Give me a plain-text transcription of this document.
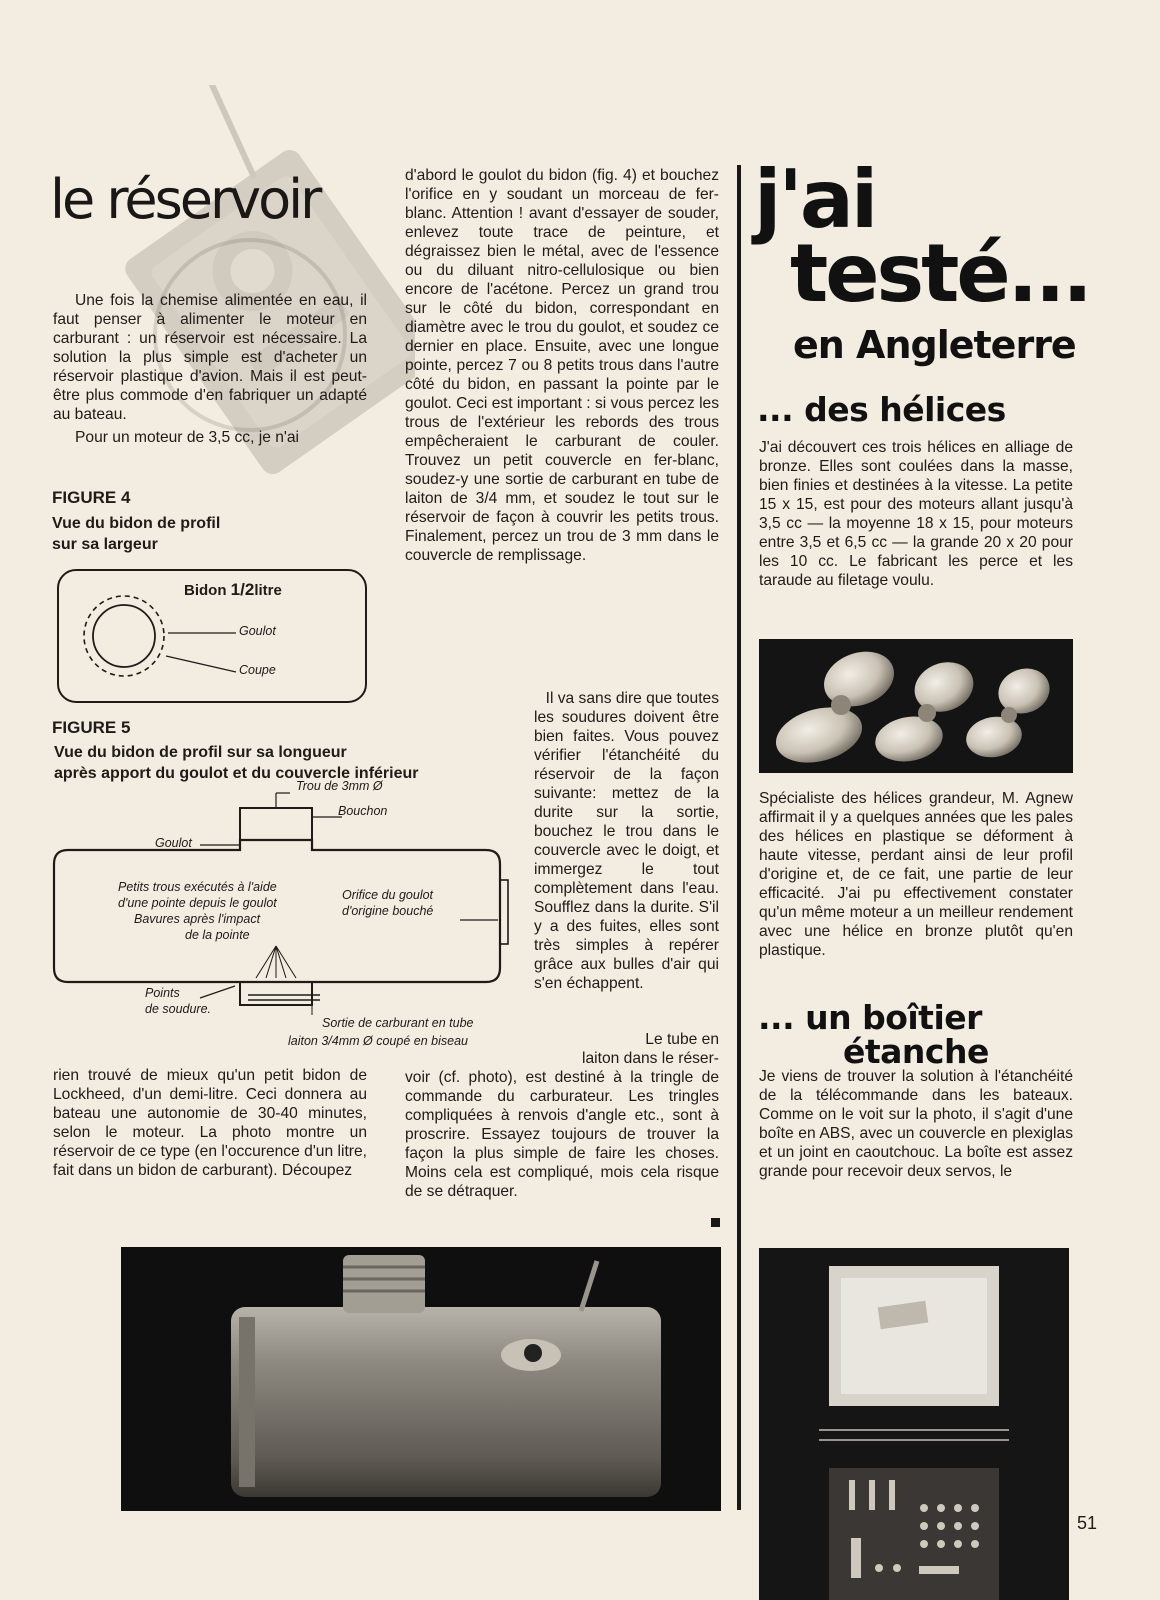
le réservoir

Une fois la chemise alimentée en eau, il faut penser à alimenter le moteur en carburant : un réservoir est nécessaire. La solution la plus simple est d'acheter un réservoir plastique d'avion. Mais il est peut-être plus commode d'en fabriquer un adapté au bateau.

Pour un moteur de 3,5 cc, je n'ai

FIGURE 4
Vue du bidon de profil
sur sa largeur
Bidon 1/2litre
Goulot
Coupe
FIGURE 5
Vue du bidon de profil sur sa longueur
après apport du goulot et du couvercle inférieur
Trou de 3mm Ø
Bouchon
Goulot
Petits trous exécutés à l'aide
d'une pointe depuis le goulot
Bavures après l'impact
de la pointe
Orifice du goulot
d'origine bouché
Points
de soudure.
Sortie de carburant en tube
laiton 3/4mm Ø coupé en biseau
rien trouvé de mieux qu'un petit bidon de Lockheed, d'un demi-litre. Ceci donnera au bateau une autonomie de 30-40 minutes, selon le moteur. La photo montre un réservoir de ce type (en l'occurence d'un litre, fait dans un bidon de carburant). Découpez
d'abord le goulot du bidon (fig. 4) et bouchez l'orifice en y soudant un morceau de fer-blanc. Attention ! avant d'essayer de souder, enlevez toute trace de peinture, et dégraissez bien le métal, avec de l'essence ou du diluant nitro-cellulosique ou bien encore de l'acétone. Percez un grand trou sur le côté du bidon, correspondant en diamètre avec le trou du goulot, et soudez ce dernier en place. Ensuite, avec une longue pointe, percez 7 ou 8 petits trous dans l'autre côté du bidon, en passant la pointe par le goulot. Ceci est important : si vous percez les trous de l'extérieur les rebords des trous empêcheraient le carburant de couler. Trouvez un petit couvercle en fer-blanc, soudez-y une sortie de carburant en tube de laiton de 3/4 mm, et soudez le tout sur le réservoir de façon à couvrir les petits trous. Finalement, percez un trou de 3 mm dans le couvercle de remplissage.
Il va sans dire que toutes
les soudures doivent être bien faites. Vous pouvez vérifier l'étanchéité du réservoir de la façon suivante: mettez de la durite sur la sortie, bouchez le trou dans le couvercle avec le doigt, et immergez le tout complètement dans l'eau. Soufflez dans la durite. S'il y a des fuites, elles sont très simples à repérer grâce aux bulles d'air qui s'en échappent.
Le tube en
laiton dans le réser-
voir (cf. photo), est destiné à la tringle de commande du carburateur. Les tringles compliquées à renvois d'angle etc., sont à proscrire. Essayez toujours de trouver la façon la plus simple de faire les choses. Moins cela est compliqué, mois cela risque de se détraquer.
j'ai
testé...
en Angleterre
... des hélices
J'ai découvert ces trois hélices en alliage de bronze. Elles sont coulées dans la masse, bien finies et destinées à la vitesse. La petite 15 x 15, est pour des moteurs allant jusqu'à 3,5 cc — la moyenne 18 x 15, pour moteurs entre 3,5 et 6,5 cc — la grande 20 x 20 pour les 10 cc. Le fabricant les perce et les taraude au filetage voulu.
Spécialiste des hélices grandeur, M. Agnew affirmait il y a quelques années que les pales des hélices en plastique se déforment à haute vitesse, perdant ainsi de leur profil d'origine et, de ce fait, une partie de leur efficacité. J'ai pu effectivement constater qu'un même moteur a un meilleur rendement avec une hélice en bronze plutôt qu'en plastique.
... un boîtier
étanche
Je viens de trouver la solution à l'étanchéité de la télécommande dans les bateaux. Comme on le voit sur la photo, il s'agit d'une boîte en ABS, avec un couvercle en plexiglas et un joint en caoutchouc. La boîte est assez grande pour recevoir deux servos, le
51
